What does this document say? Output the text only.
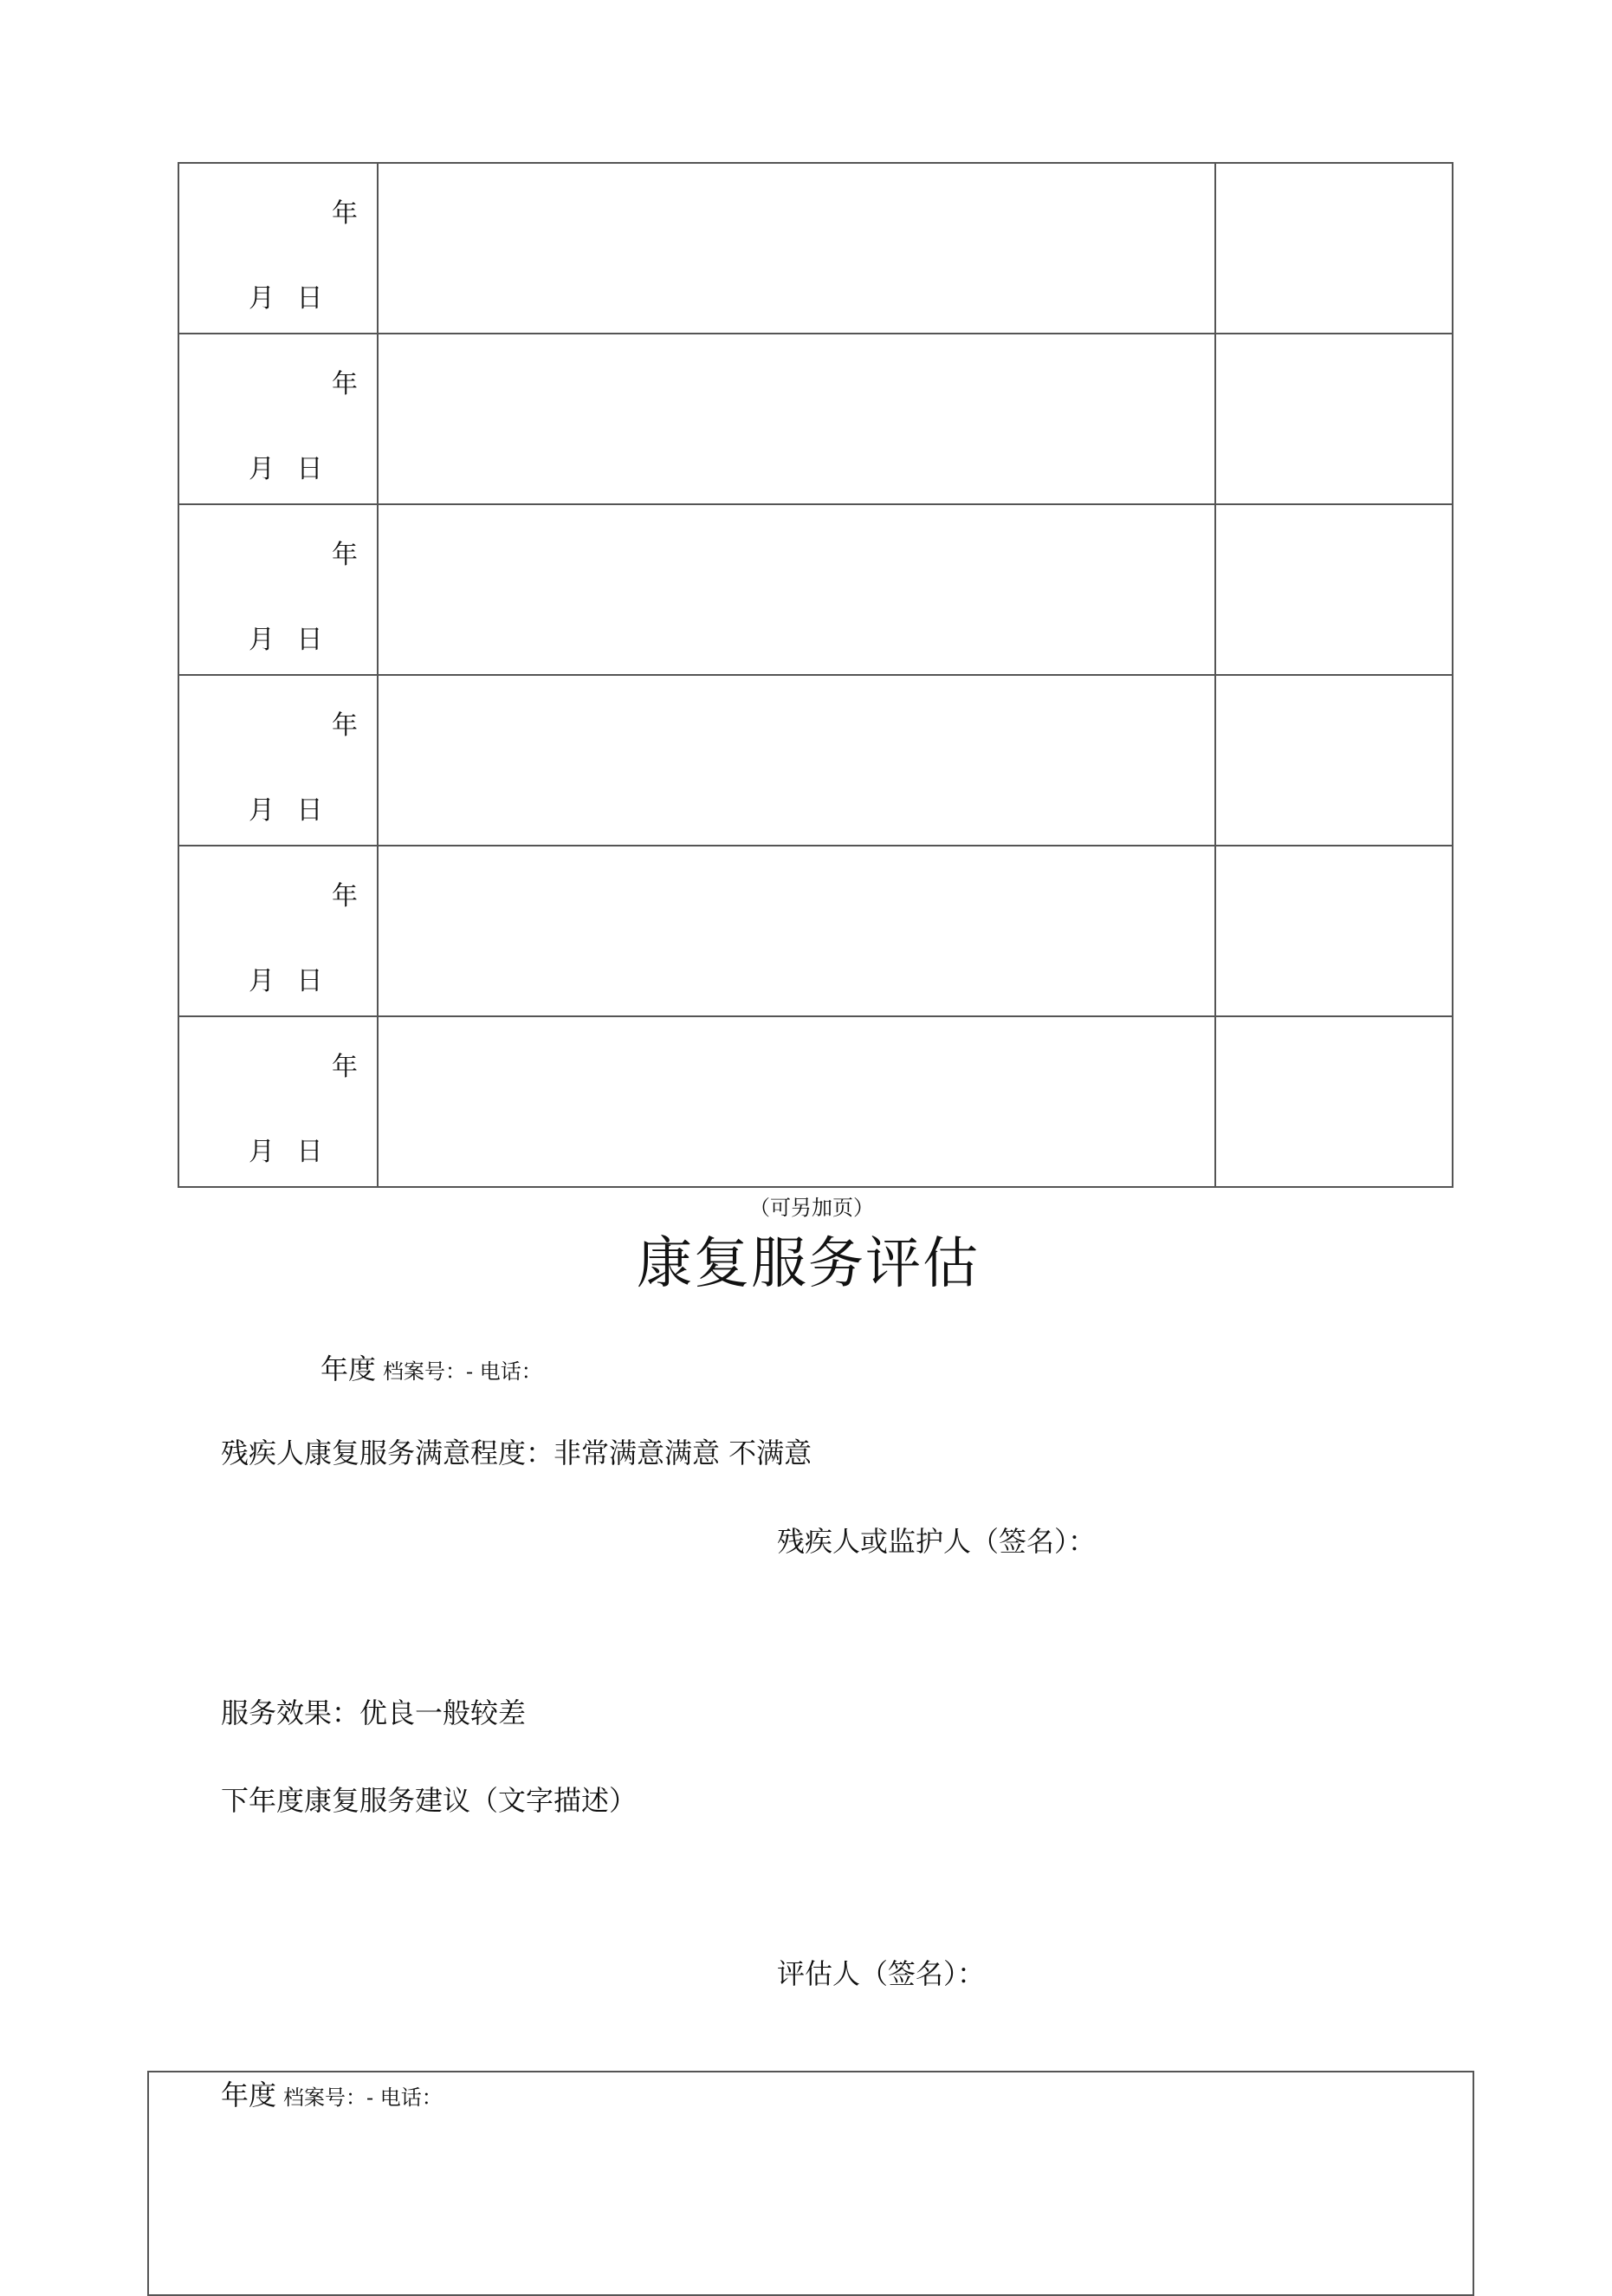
年
月 日		

年
月 日		

年
月 日		

年
月 日		

年
月 日		

年
月 日		

（可另加页）
康复服务评估
年度 档案号：- 电话：
残疾人康复服务满意程度：非常满意满意 不满意
残疾人或监护人（签名）：
服务效果：优良一般较差
下年度康复服务建议（文字描述）
评估人（签名）：
年度 档案号：- 电话：
